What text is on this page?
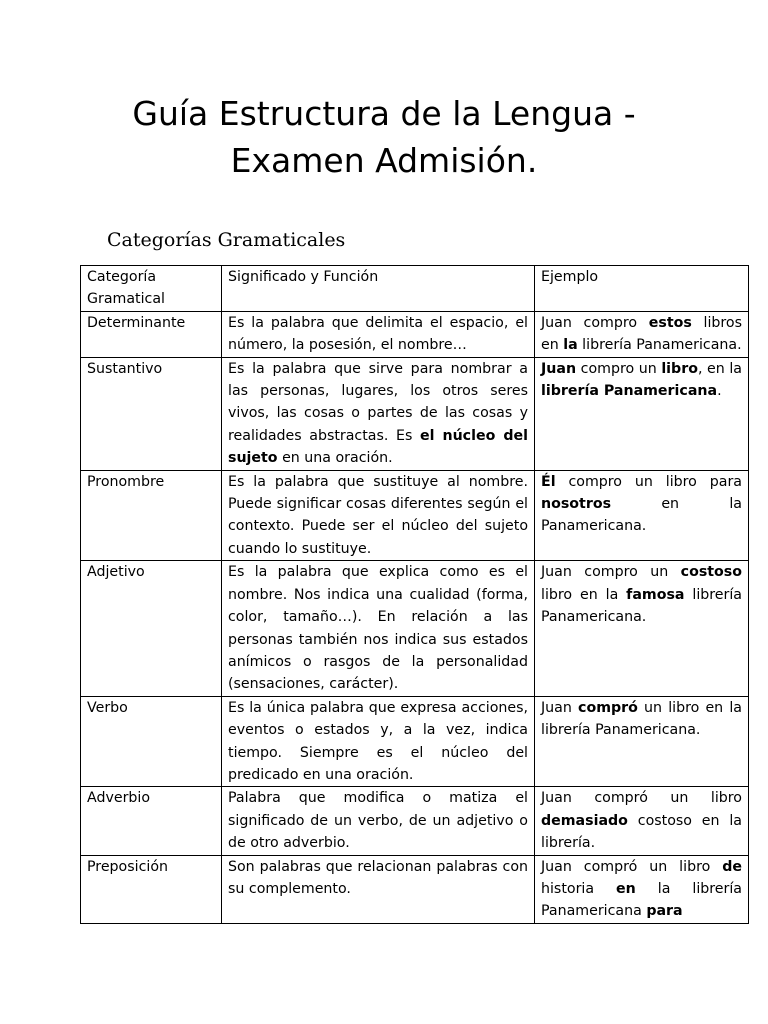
Guía Estructura de la Lengua -
Examen Admisión.
Categorías Gramaticales
Categoría Gramatical	Significado y Función	Ejemplo
Determinante	Es la palabra que delimita el espacio, el número, la posesión, el nombre…	Juan compro estos libros en la librería Panamericana.
Sustantivo	Es la palabra que sirve para nombrar a las personas, lugares, los otros seres vivos, las cosas o partes de las cosas y realidades abstractas. Es el núcleo del sujeto en una oración.	Juan compro un libro, en la librería Panamericana.
Pronombre	Es la palabra que sustituye al nombre. Puede significar cosas diferentes según el contexto. Puede ser el núcleo del sujeto cuando lo sustituye.	Él compro un libro para nosotros en la Panamericana.
Adjetivo	Es la palabra que explica como es el nombre. Nos indica una cualidad (forma, color, tamaño…). En relación a las personas también nos indica sus estados anímicos o rasgos de la personalidad (sensaciones, carácter).	Juan compro un costoso libro en la famosa librería Panamericana.
Verbo	Es la única palabra que expresa acciones, eventos o estados y, a la vez, indica tiempo. Siempre es el núcleo del predicado en una oración.	Juan compró un libro en la librería Panamericana.
Adverbio	Palabra que modifica o matiza el significado de un verbo, de un adjetivo o de otro adverbio.	Juan compró un libro demasiado costoso en la librería.
Preposición	Son palabras que relacionan palabras con su complemento.	Juan compró un libro de historia en la librería Panamericana para
